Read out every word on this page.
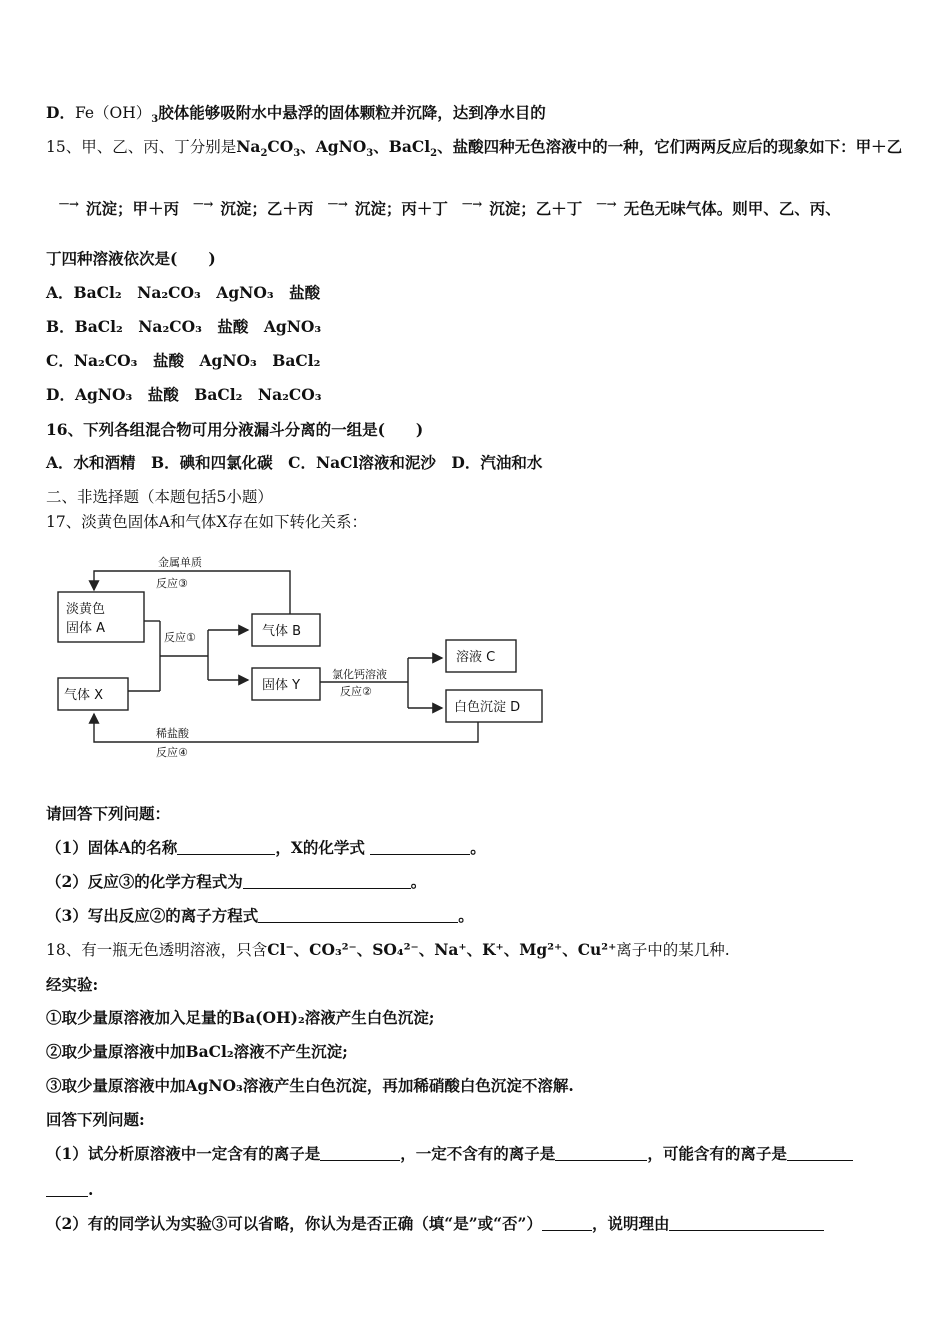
D．$Fe(OH)_3$胶体能够吸附水中悬浮的固体颗粒并沉降，达到净水目的
15、甲、乙、丙、丁分别是$Na_2CO_3$、AgNO$_3$、BaCl$_2$、盐酸四种无色溶液中的一种，它们两两反应后的现象如下：甲＋乙
－→ 沉淀；甲＋丙 －→ 沉淀；乙＋丙 －→ 沉淀；丙＋丁 －→ 沉淀；乙＋丁 －→ 无色无味气体。则甲、乙、丙、
丁四种溶液依次是(　　)
A．BaCl₂　Na₂CO₃　AgNO₃　盐酸
B．BaCl₂　Na₂CO₃　盐酸　AgNO₃
C．Na₂CO₃　盐酸　AgNO₃　BaCl₂
D．AgNO₃　盐酸　BaCl₂　Na₂CO₃
16、下列各组混合物可用分液漏斗分离的一组是(　　)
A．水和酒精　B．碘和四氯化碳　C．NaCl溶液和泥沙　D．汽油和水
二、非选择题（本题包括5小题）
17、淡黄色固体A和气体X存在如下转化关系：
淡黄色
固体 A
气体 X
气体 B
固体 Y
溶液 C
白色沉淀 D
金属单质
反应③
反应①
氯化钙溶液
反应②
稀盐酸
反应④
请回答下列问题：
（1）固体A的名称	，X的化学式	。
（2）反应③的化学方程式为	。
（3）写出反应②的离子方程式	。
18、有一瓶无色透明溶液，只含Cl⁻、CO₃²⁻、SO₄²⁻、Na⁺、K⁺、Mg²⁺、Cu²⁺离子中的某几种.
经实验:
①取少量原溶液加入足量的Ba(OH)₂溶液产生白色沉淀;
②取少量原溶液中加BaCl₂溶液不产生沉淀;
③取少量原溶液中加AgNO₃溶液产生白色沉淀，再加稀硝酸白色沉淀不溶解.
回答下列问题:
（1）试分析原溶液中一定含有的离子是	，一定不含有的离子是	，可能含有的离子是
.
（2）有的同学认为实验③可以省略，你认为是否正确（填“是”或“否”）	，说明理由
